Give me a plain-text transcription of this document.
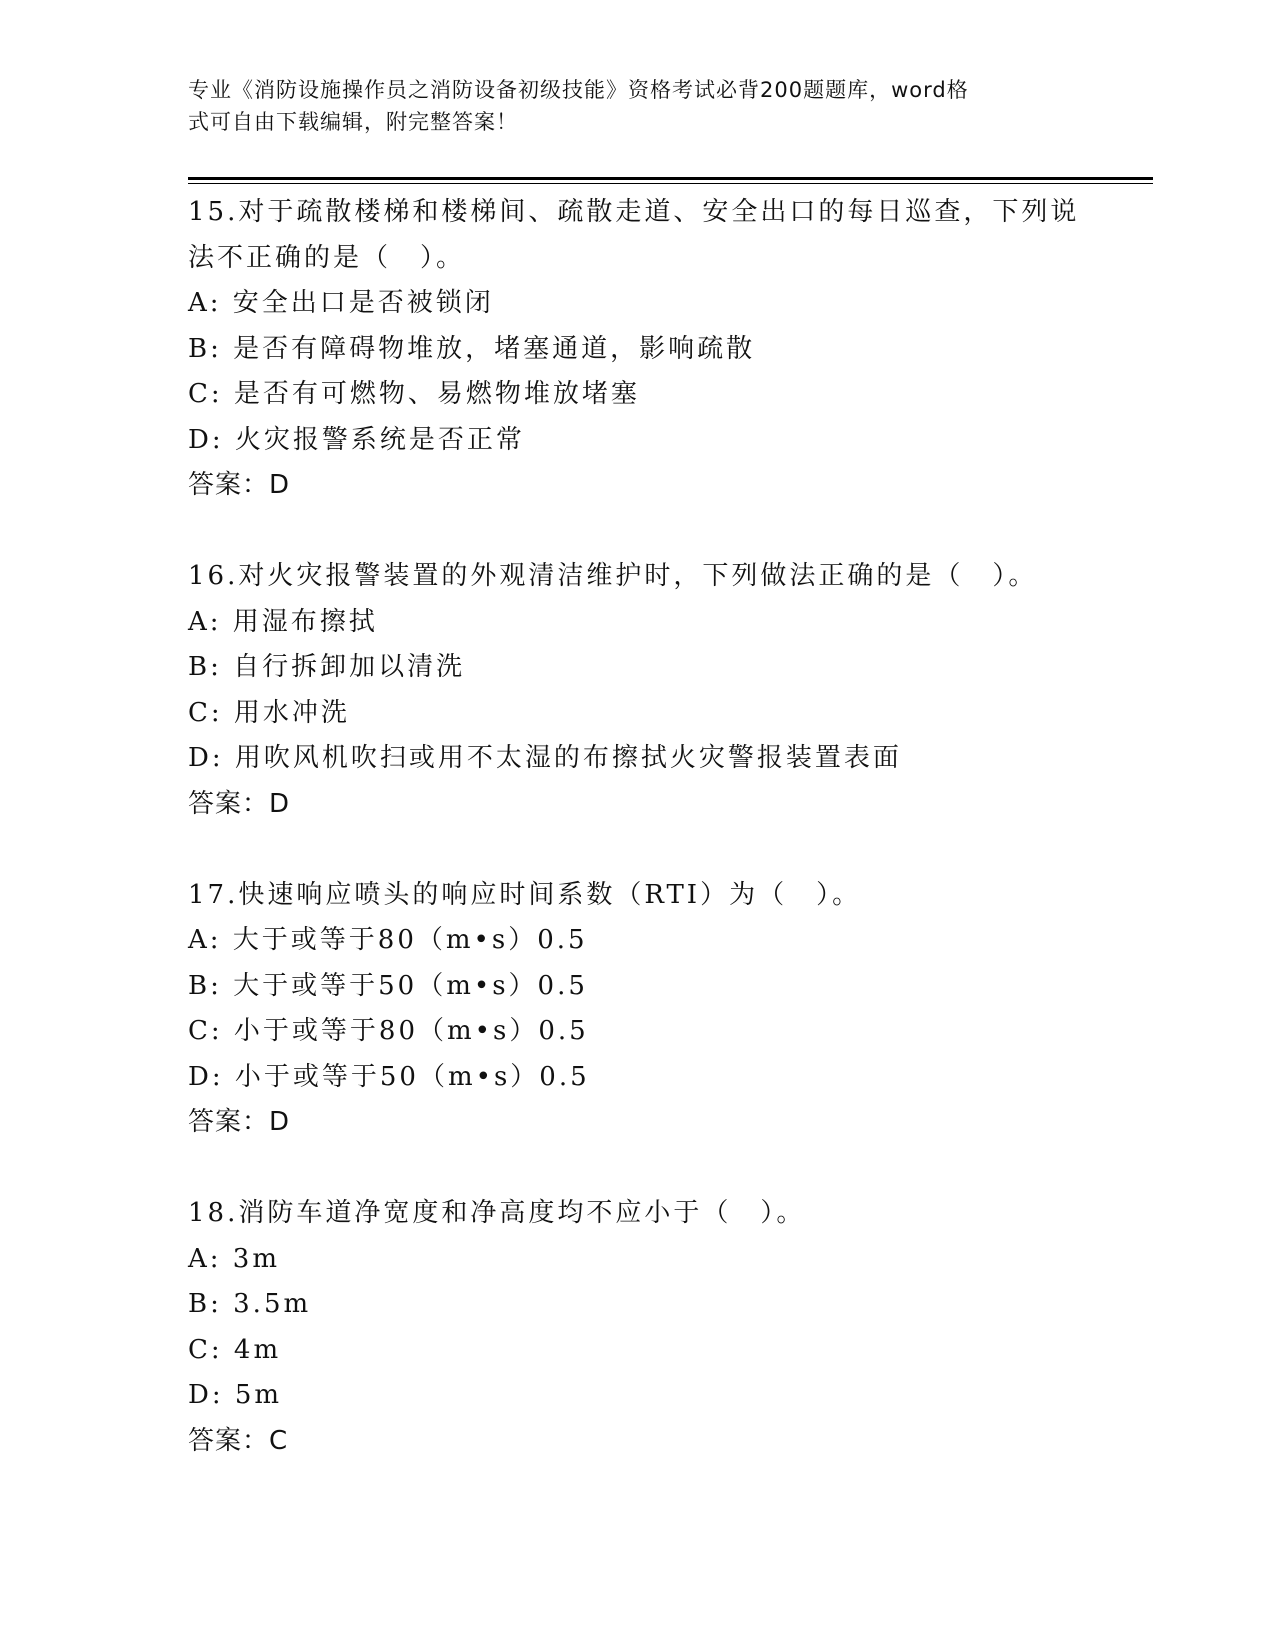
专业《消防设施操作员之消防设备初级技能》资格考试必背200题题库，word格
式可自由下载编辑，附完整答案！
15.对于疏散楼梯和楼梯间、疏散走道、安全出口的每日巡查，下列说
法不正确的是（　）。
A: 安全出口是否被锁闭
B: 是否有障碍物堆放，堵塞通道，影响疏散
C: 是否有可燃物、易燃物堆放堵塞
D: 火灾报警系统是否正常
答案：D
16.对火灾报警装置的外观清洁维护时，下列做法正确的是（　）。
A: 用湿布擦拭
B: 自行拆卸加以清洗
C: 用水冲洗
D: 用吹风机吹扫或用不太湿的布擦拭火灾警报装置表面
答案：D
17.快速响应喷头的响应时间系数（RTI）为（　）。
A: 大于或等于80（m•s）0.5
B: 大于或等于50（m•s）0.5
C: 小于或等于80（m•s）0.5
D: 小于或等于50（m•s）0.5
答案：D
18.消防车道净宽度和净高度均不应小于（　）。
A: 3m
B: 3.5m
C: 4m
D: 5m
答案：C
